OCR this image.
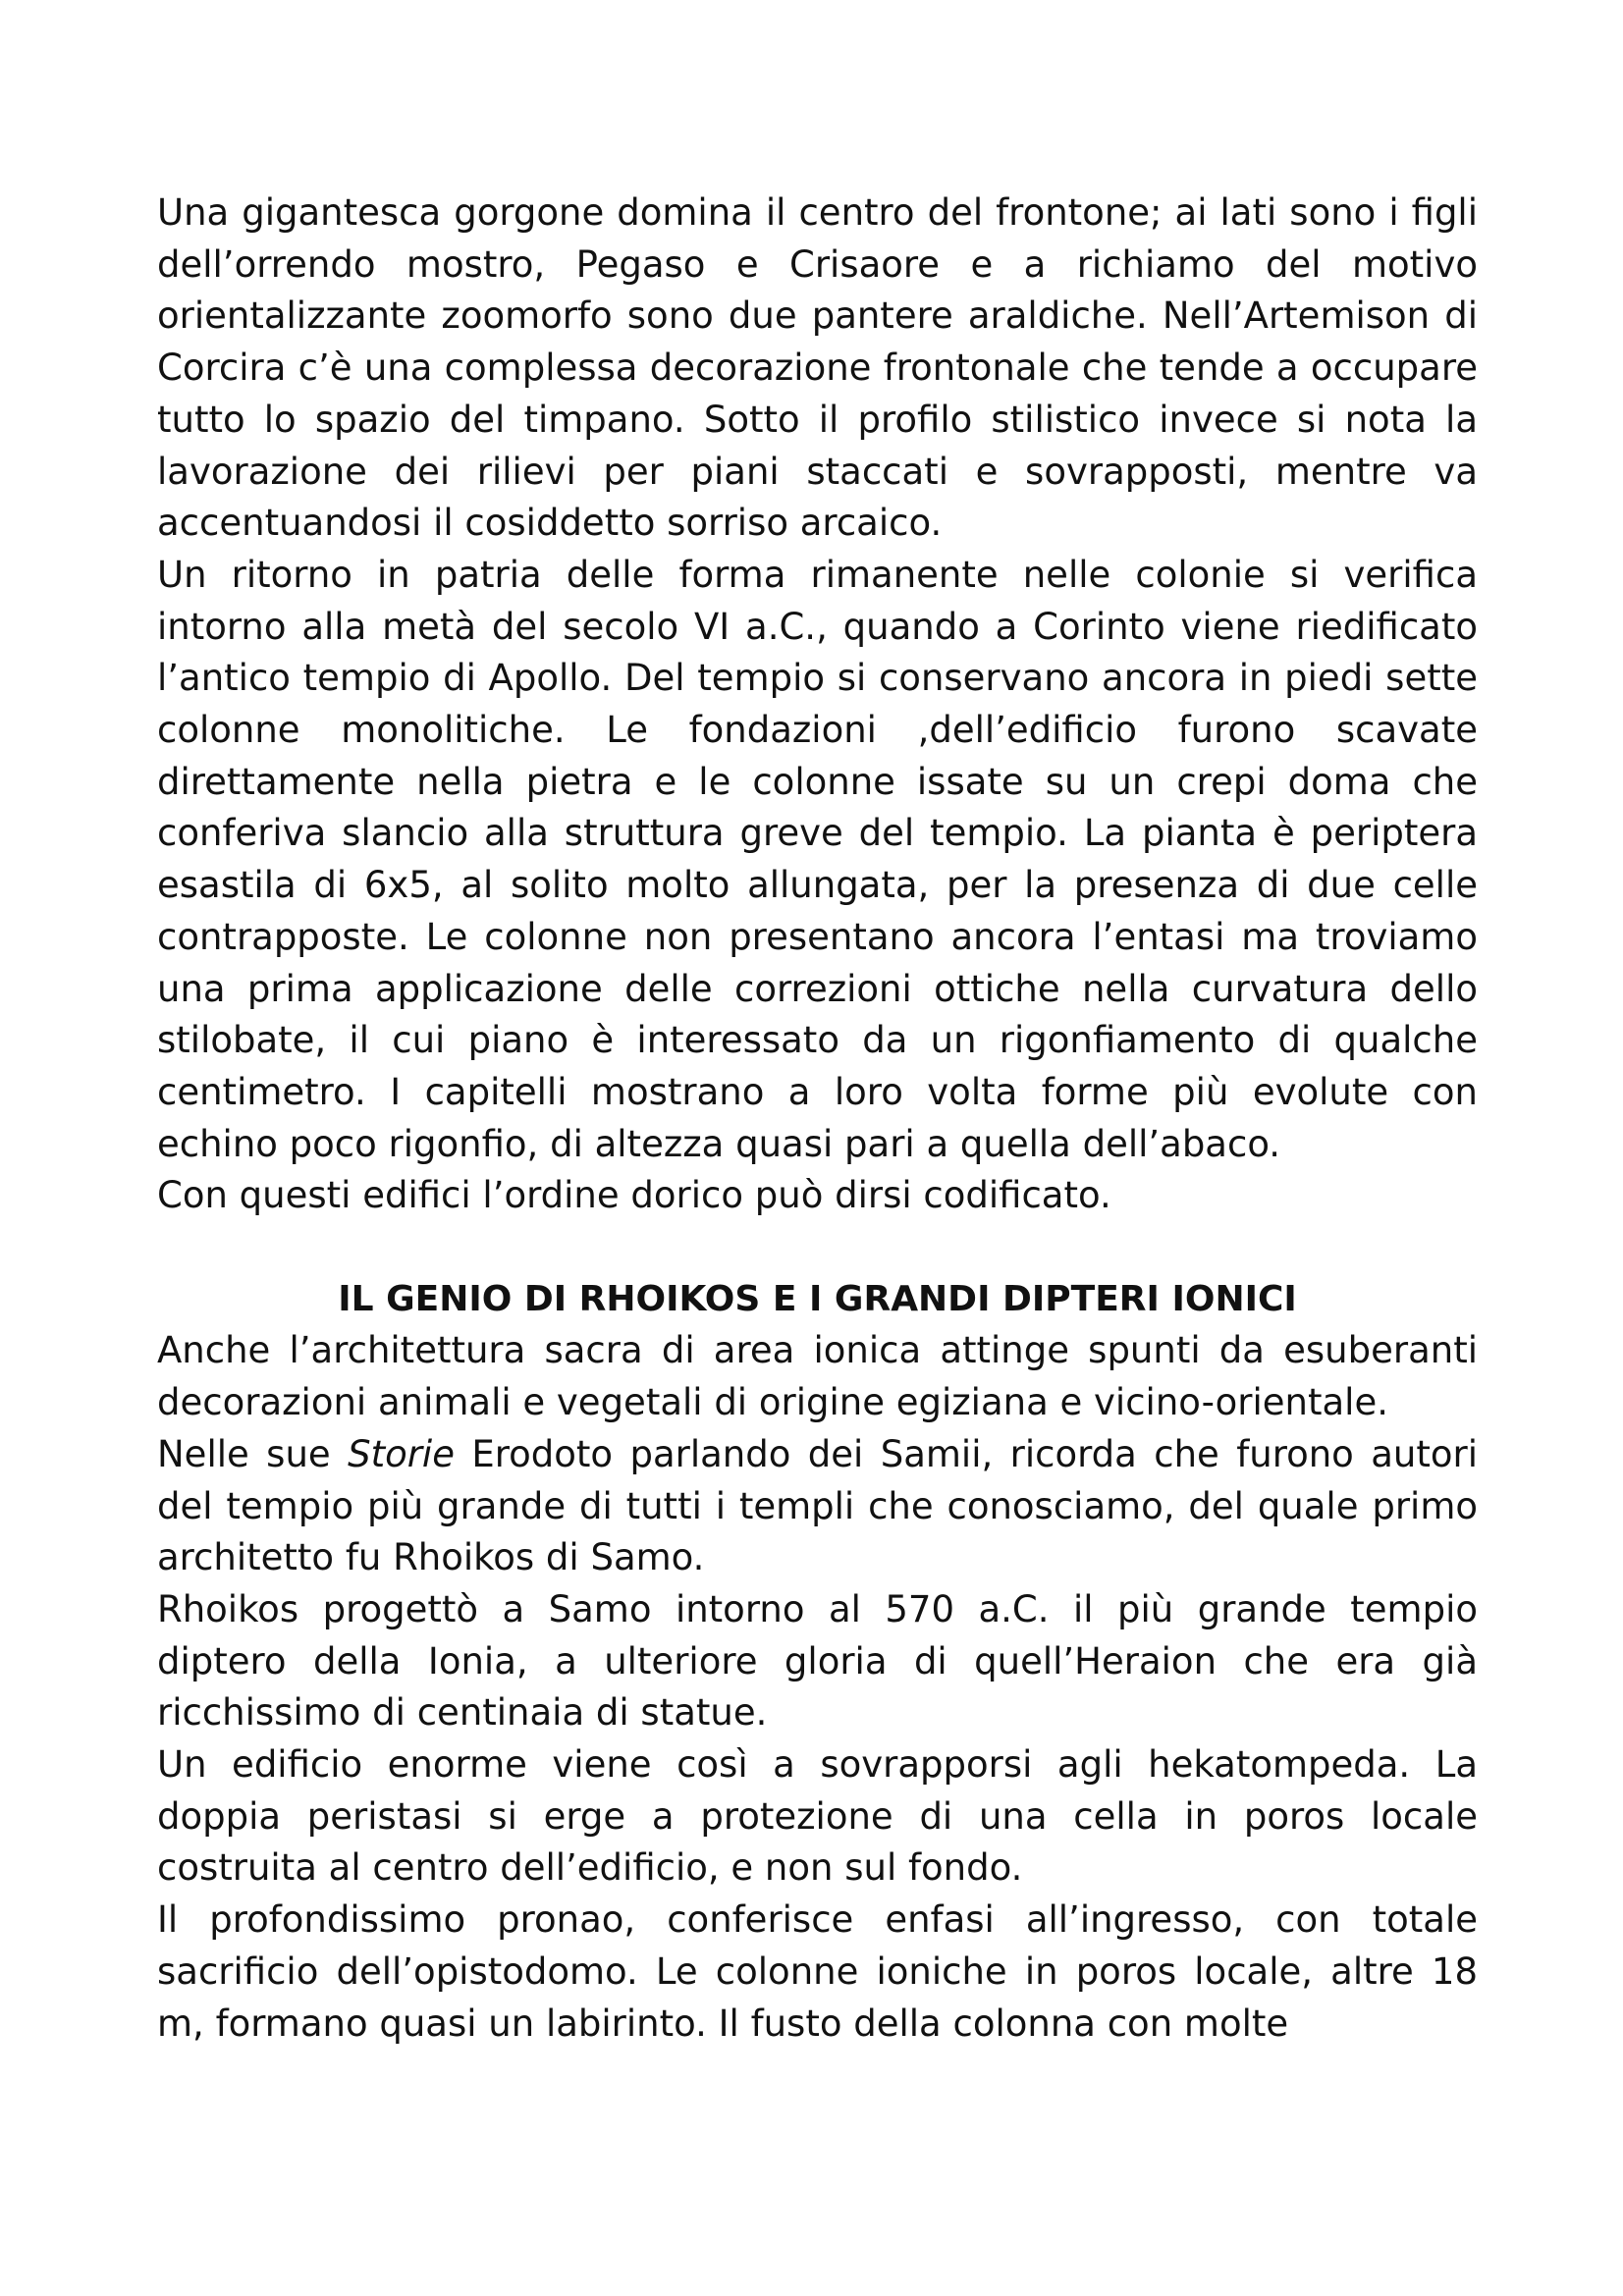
Una gigantesca gorgone domina il centro del frontone; ai lati sono i figli dell’orrendo mostro, Pegaso e Crisaore e a richiamo del motivo orientalizzante zoomorfo sono due pantere araldiche. Nell’Artemison di Corcira c’è una complessa decorazione frontonale che tende a occupare tutto lo spazio del timpano. Sotto il profilo stilistico invece si nota la lavorazione dei rilievi per piani staccati e sovrapposti, mentre va accentuandosi il cosiddetto sorriso arcaico.

Un ritorno in patria delle forma rimanente nelle colonie si verifica intorno alla metà del secolo VI a.C., quando a Corinto viene riedificato l’antico tempio di Apollo. Del tempio si conservano ancora in piedi sette colonne monolitiche. Le fondazioni ,dell’edificio furono scavate direttamente nella pietra e le colonne issate su un crepi doma che conferiva slancio alla struttura greve del tempio. La pianta è periptera esastila di 6x5, al solito molto allungata, per la presenza di due celle contrapposte. Le colonne non presentano ancora l’entasi ma troviamo una prima applicazione delle correzioni ottiche nella curvatura dello stilobate, il cui piano è interessato da un rigonfiamento di qualche centimetro. I capitelli mostrano a loro volta forme più evolute con echino poco rigonfio, di altezza quasi pari a quella dell’abaco.

Con questi edifici l’ordine dorico può dirsi codificato.

IL GENIO DI RHOIKOS E I GRANDI DIPTERI IONICI

Anche l’architettura sacra di area ionica attinge spunti da esuberanti decorazioni animali e vegetali di origine egiziana e vicino-orientale.

Nelle sue Storie Erodoto parlando dei Samii, ricorda che furono autori del tempio più grande di tutti i templi che conosciamo, del quale primo architetto fu Rhoikos di Samo.

Rhoikos progettò a Samo intorno al 570 a.C. il più grande tempio diptero della Ionia, a ulteriore gloria di quell’Heraion che era già ricchissimo di centinaia di statue.

Un edificio enorme viene così a sovrapporsi agli hekatompeda. La doppia peristasi si erge a protezione di una cella in poros locale costruita al centro dell’edificio, e non sul fondo.

Il profondissimo pronao, conferisce enfasi all’ingresso, con totale sacrificio dell’opistodomo. Le colonne ioniche in poros locale, altre 18 m, formano quasi un labirinto. Il fusto della colonna con molte
